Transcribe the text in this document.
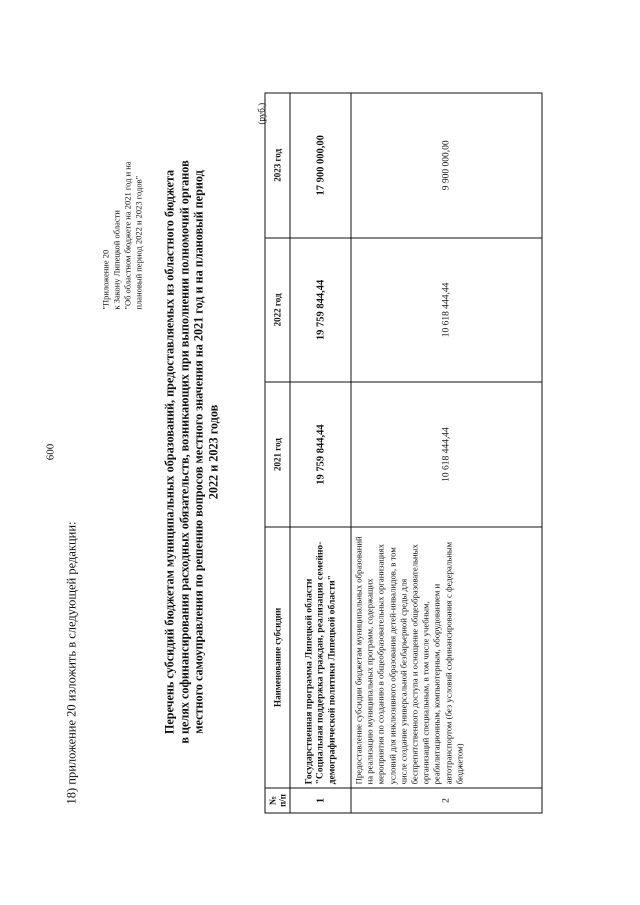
600
18) приложение 20 изложить в следующей редакции:
"Приложение 20 к Закону Липецкой области "Об областном бюджете на 2021 год и на плановый период 2022 и 2023 годов" Перечень субсидий бюджетам муниципальных образований, предоставляемых из областного бюджета в целях софинансирования расходных обязательств, возникающих при выполнении полномочий органов местного самоуправления по решению вопросов местного значения на 2021 год и на плановый период 2022 и 2023 годов
(руб.)
№ п/п	Наименование субсидии	2021 год	2022 год	2023 год
1	Государственная программа Липецкой области "Социальная поддержка граждан, реализация семейно-демографической политики Липецкой области"	19 759 844,44	19 759 844,44	17 900 000,00
2	Предоставление субсидии бюджетам муниципальных образований на реализацию муниципальных программ, содержащих мероприятия по созданию в общеобразовательных организациях условий для инклюзивного образования детей-инвалидов, в том числе создание универсальной безбарьерной среды для беспрепятственного доступа и оснащение общеобразовательных организаций специальным, в том числе учебным, реабилитационным, компьютерным, оборудованием и автотранспортом (без условий софинансирования с федеральным бюджетом)	10 618 444,44	10 618 444,44	9 900 000,00
